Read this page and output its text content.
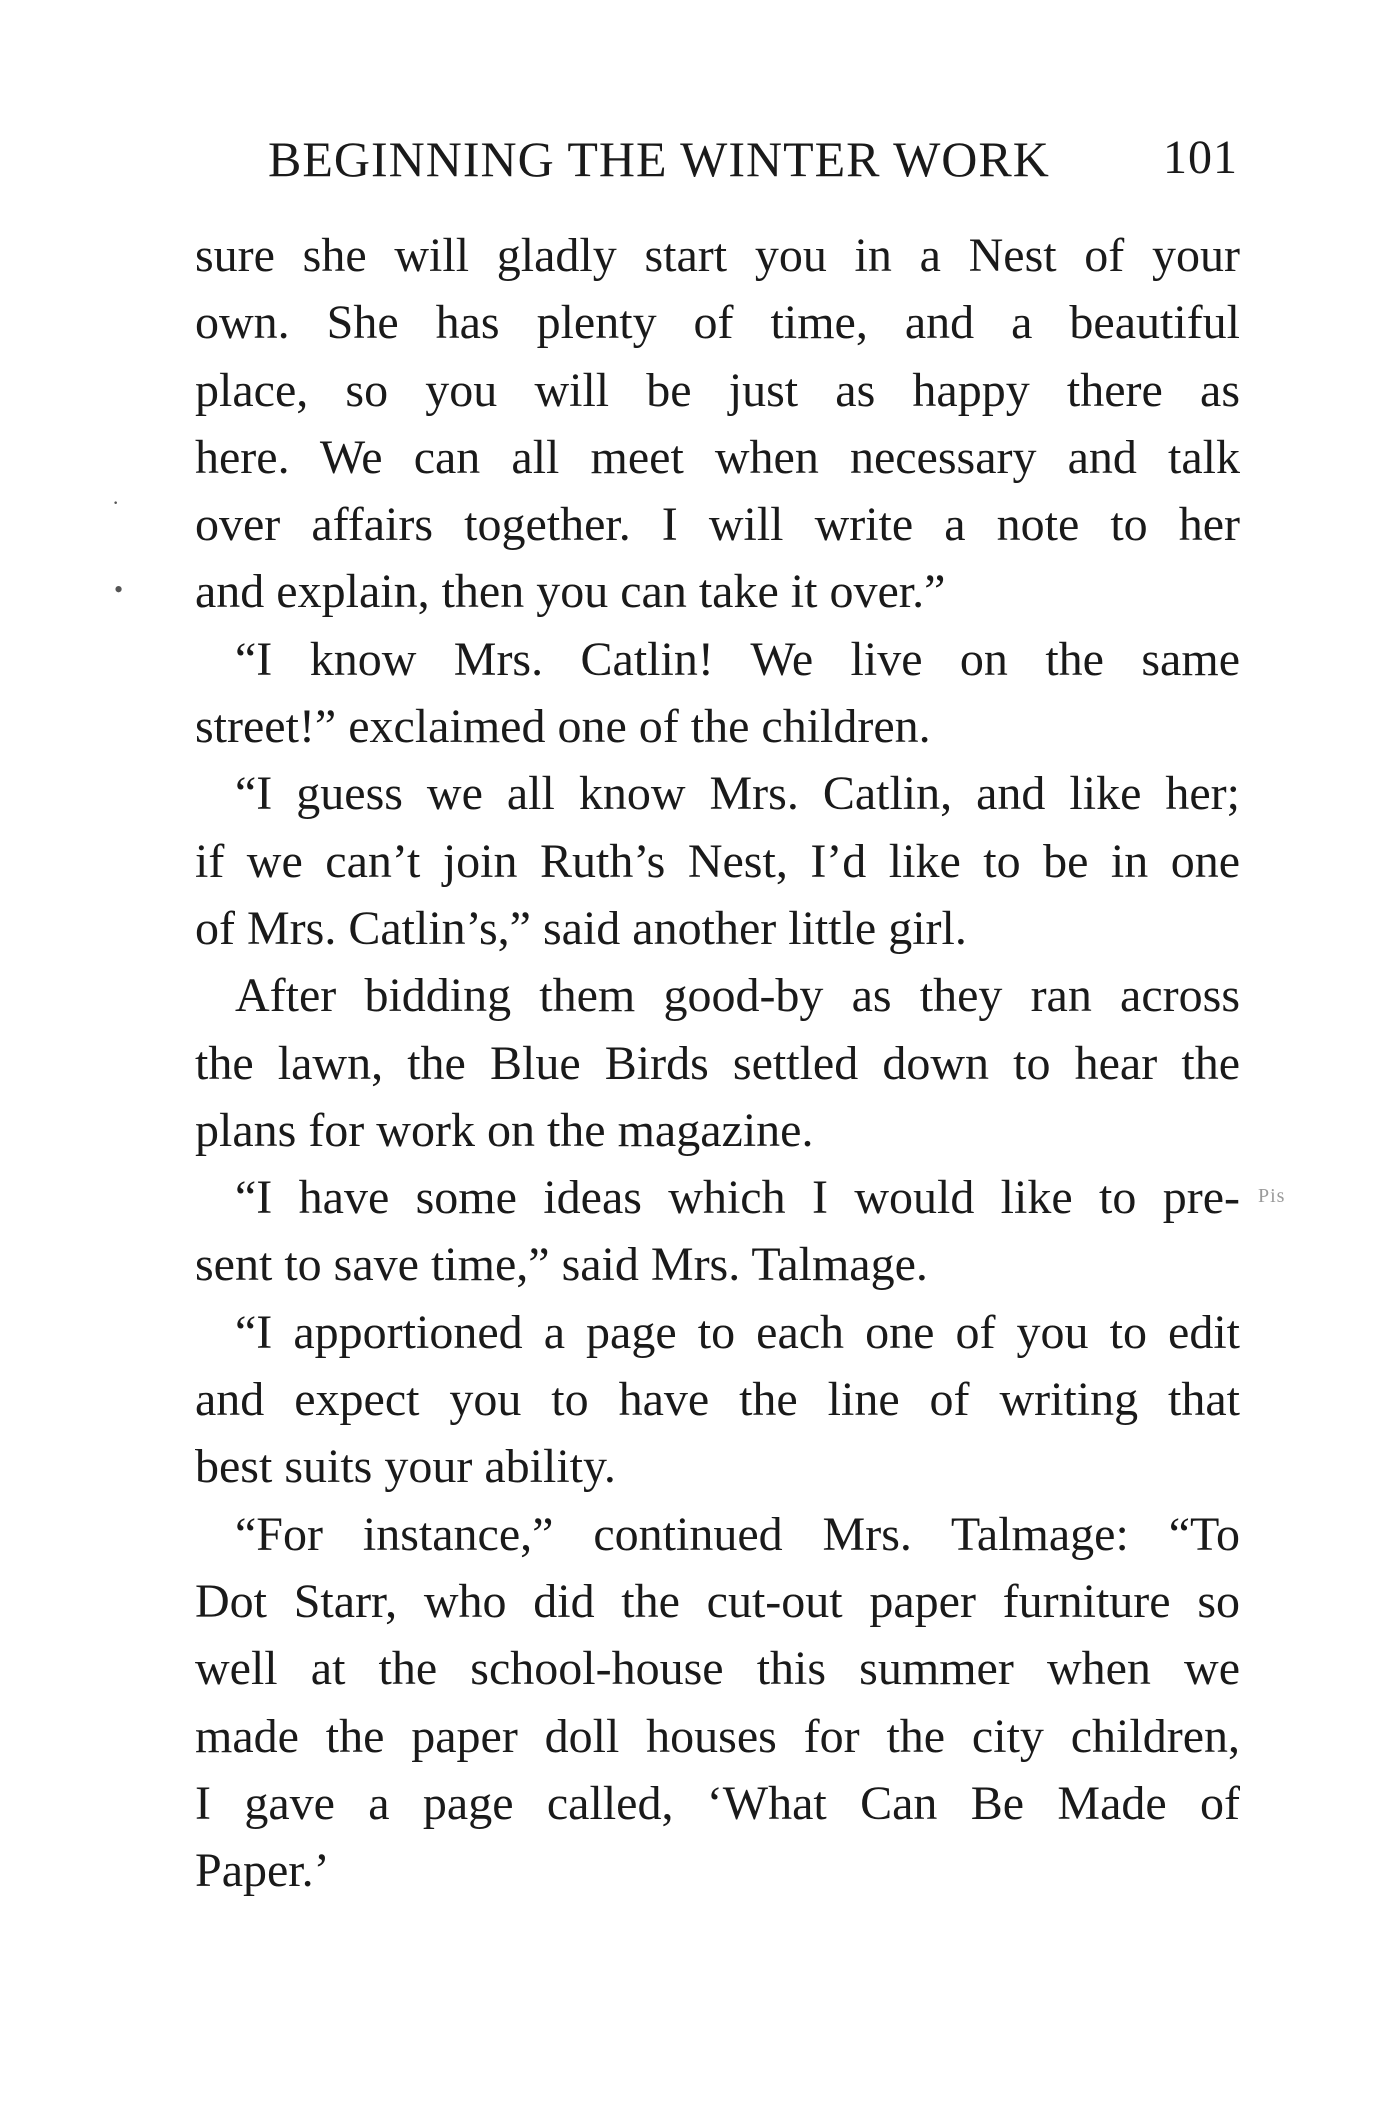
BEGINNING THE WINTER WORK 101

sure she will gladly start you in a Nest of your
own. She has plenty of time, and a beautiful
place, so you will be just as happy there as
here. We can all meet when necessary and talk
over affairs together. I will write a note to her
and explain, then you can take it over.”

“I know Mrs. Catlin! We live on the same
street!” exclaimed one of the children.

“I guess we all know Mrs. Catlin, and like her;
if we can’t join Ruth’s Nest, I’d like to be in one
of Mrs. Catlin’s,” said another little girl.

After bidding them good-by as they ran across
the lawn, the Blue Birds settled down to hear the
plans for work on the magazine.

“I have some ideas which I would like to pre-
sent to save time,” said Mrs. Talmage.

“I apportioned a page to each one of you to edit
and expect you to have the line of writing that
best suits your ability.

“For instance,” continued Mrs. Talmage: “To
Dot Starr, who did the cut-out paper furniture so
well at the school-house this summer when we
made the paper doll houses for the city children,
I gave a page called, ‘What Can Be Made of
Paper.’

·
•
Pis
